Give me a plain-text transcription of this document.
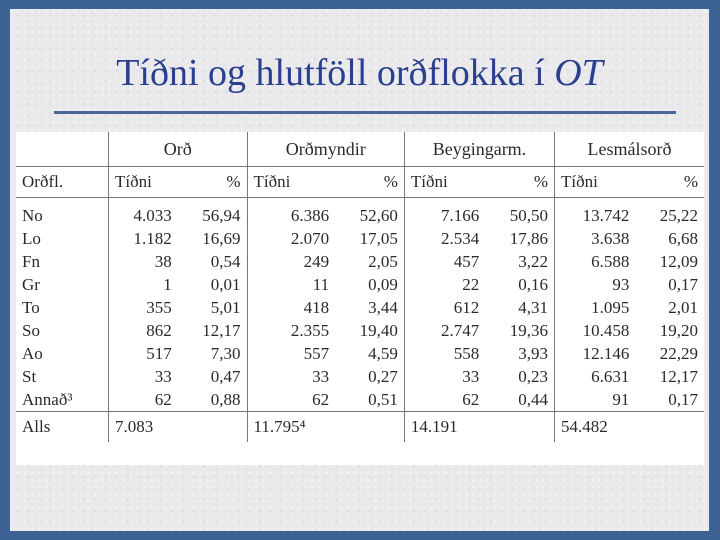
Tíðni og hlutföll orðflokka í OT
	Orð		Orðmyndir		Beygingarm.		Lesmálsorð	
Orðfl.	Tíðni	%	Tíðni	%	Tíðni	%	Tíðni	%
No	4.033	56,94	6.386	52,60	7.166	50,50	13.742	25,22
Lo	1.182	16,69	2.070	17,05	2.534	17,86	3.638	6,68
Fn	38	0,54	249	2,05	457	3,22	6.588	12,09
Gr	1	0,01	11	0,09	22	0,16	93	0,17
To	355	5,01	418	3,44	612	4,31	1.095	2,01
So	862	12,17	2.355	19,40	2.747	19,36	10.458	19,20
Ao	517	7,30	557	4,59	558	3,93	12.146	22,29
St	33	0,47	33	0,27	33	0,23	6.631	12,17
Annað³	62	0,88	62	0,51	62	0,44	91	0,17
Alls	7.083		11.795⁴		14.191		54.482	
